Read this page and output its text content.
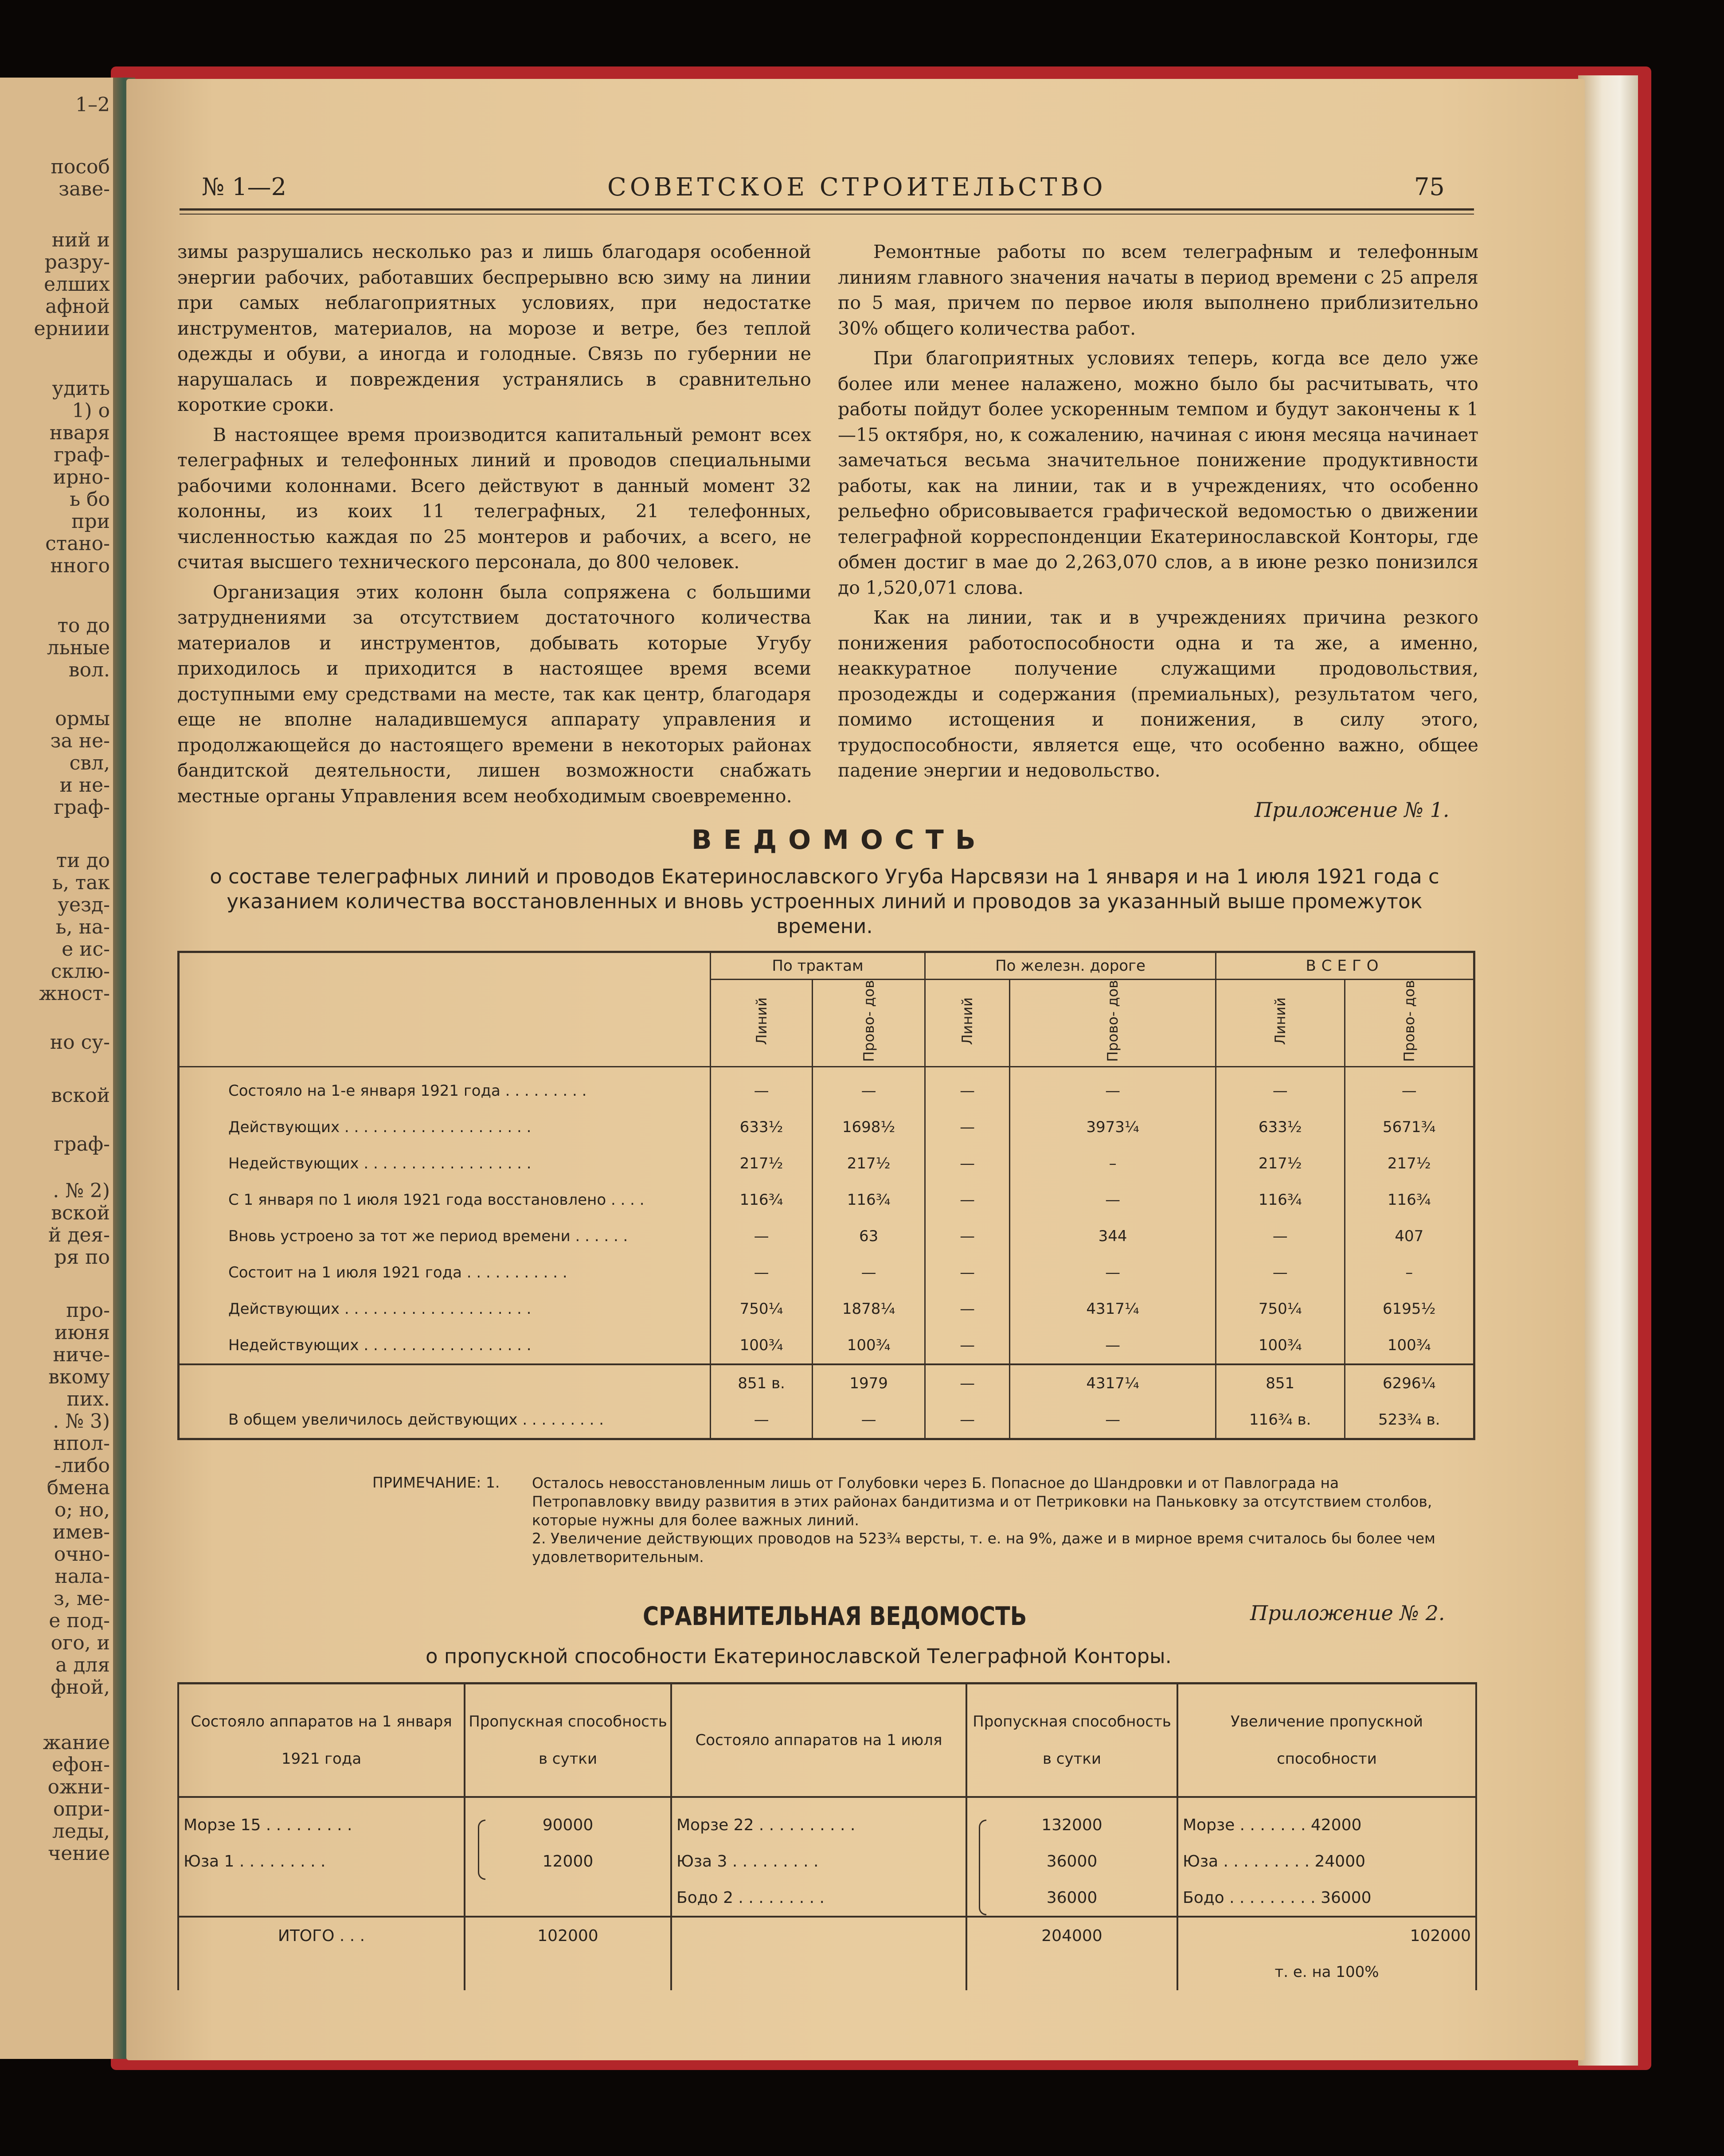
1–2
пособ
заве-
ний и
разру-
елших
афной
ерниии
удить
1) о
нваря
граф-
ирно-
ь бо
при
стано-
нного
то до
льные
вол.
ормы
за не-
свл,
и не-
граф-
ти до
ь, так
уезд-
ь, на-
е ис-
склю-
жност-
но су-
вской
граф-
. № 2)
вской
й дея-
ря по
про-
июня
ниче-
вкому
пих.
. № 3)
нпол-
-либо
бмена
о; но,
имев-
очно-
нала-
з, ме-
е под-
ого, и
а для
фной,
жание
ефон-
ожни-
опри-
леды,
чение
№ 1—2	СОВЕТСКОЕ СТРОИТЕЛЬСТВО	75

зимы разрушались несколько раз и лишь благодаря особенной энергии рабочих, работавших беспрерывно всю зиму на линии при самых неблагоприятных условиях, при недостатке инструментов, материалов, на морозе и ветре, без теплой одежды и обуви, а иногда и голодные. Связь по губернии не нарушалась и повреждения устранялись в сравнительно короткие сроки.

В настоящее время производится капитальный ремонт всех телеграфных и телефонных линий и проводов специальными рабочими колоннами. Всего действуют в данный момент 32 колонны, из коих 11 телеграфных, 21 телефонных, численностью каждая по 25 монтеров и рабочих, а всего, не считая высшего технического персонала, до 800 человек.

Организация этих колонн была сопряжена с большими затруднениями за отсутствием достаточного количества материалов и инструментов, добывать которые Угубу приходилось и приходится в настоящее время всеми доступными ему средствами на месте, так как центр, благодаря еще не вполне наладившемуся аппарату управления и продолжающейся до настоящего времени в некоторых районах бандитской деятельности, лишен возможности снабжать местные органы Управления всем необходимым своевременно.

Ремонтные работы по всем телеграфным и телефонным линиям главного значения начаты в период времени с 25 апреля по 5 мая, причем по первое июля выполнено приблизительно 30% общего количества работ.

При благоприятных условиях теперь, когда все дело уже более или менее налажено, можно было бы расчитывать, что работы пойдут более ускоренным темпом и будут закончены к 1—15 октября, но, к сожалению, начиная с июня месяца начинает замечаться весьма значительное понижение продуктивности работы, как на линии, так и в учреждениях, что особенно рельефно обрисовывается графической ведомостью о движении телеграфной корреспонденции Екатеринославской Конторы, где обмен достиг в мае до 2,263,070 слов, а в июне резко понизился до 1,520,071 слова.

Как на линии, так и в учреждениях причина резкого понижения работоспособности одна и та же, а именно, неаккуратное получение служащими продовольствия, прозодежды и содержания (премиальных), результатом чего, помимо истощения и понижения, в силу этого, трудоспособности, является еще, что особенно важно, общее падение энергии и недовольство.

Приложение № 1.
ВЕДОМОСТЬ
о составе телеграфных линий и проводов Екатеринославского Угуба Нарсвязи на 1 января и на 1 июля 1921 года с указанием количества восстановленных и вновь устроенных линий и проводов за указанный выше промежуток времени.
	По трактам		По железн. дороге		ВСЕГО	
	Линий	Прово- дов	Линий	Прово- дов	Линий	Прово- дов
Состояло на 1-е января 1921 года . . . . . . . . .	—	—	—	—	—	—
Действующих . . . . . . . . . . . . . . . . . . . .	633½	1698½	—	3973¼	633½	5671¾
Недействующих . . . . . . . . . . . . . . . . . .	217½	217½	—	–	217½	217½
С 1 января по 1 июля 1921 года восстановлено . . . .	116¾	116¾	—	—	116¾	116¾
Вновь устроено за тот же период времени . . . . . .	—	63	—	344	—	407
Состоит на 1 июля 1921 года . . . . . . . . . . .	—	—	—	—	—	–
Действующих . . . . . . . . . . . . . . . . . . . .	750¼	1878¼	—	4317¼	750¼	6195½
Недействующих . . . . . . . . . . . . . . . . . .	100¾	100¾	—	—	100¾	100¾
	851 в.	1979	—	4317¼	851	6296¼
В общем увеличилось действующих . . . . . . . . .	—	—	—	—	116¾ в.	523¾ в.
ПРИМЕЧАНИЕ: 1. Осталось невосстановленным лишь от Голубовки через Б. Попасное до Шандровки и от Павлограда на Петропавловку ввиду развития в этих районах бандитизма и от Петриковки на Паньковку за отсутствием столбов, которые нужны для более важных линий.
2. Увеличение действующих проводов на 523¾ версты, т. е. на 9%, даже и в мирное время считалось бы более чем удовлетворительным.
СРАВНИТЕЛЬНАЯ ВЕДОМОСТЬ	Приложение № 2.
о пропускной способности Екатеринославской Телеграфной Конторы.
Состояло аппаратов на 1 января 1921 года	Пропускная способность в сутки	Состояло аппаратов на 1 июля	Пропускная способность в сутки	Увеличение пропускной способности

Морзе 15 . . . . . . . . .	90000	Морзе 22 . . . . . . . . . .	132000	Морзе . . . . . . . 42000
Юза 1 . . . . . . . . .	12000	Юза 3 . . . . . . . . .	36000	Юза . . . . . . . . . 24000
		Бодо 2 . . . . . . . . .	36000	Бодо . . . . . . . . . 36000
ИТОГО . . .	102000		204000	102000
				т. е. на 100%
